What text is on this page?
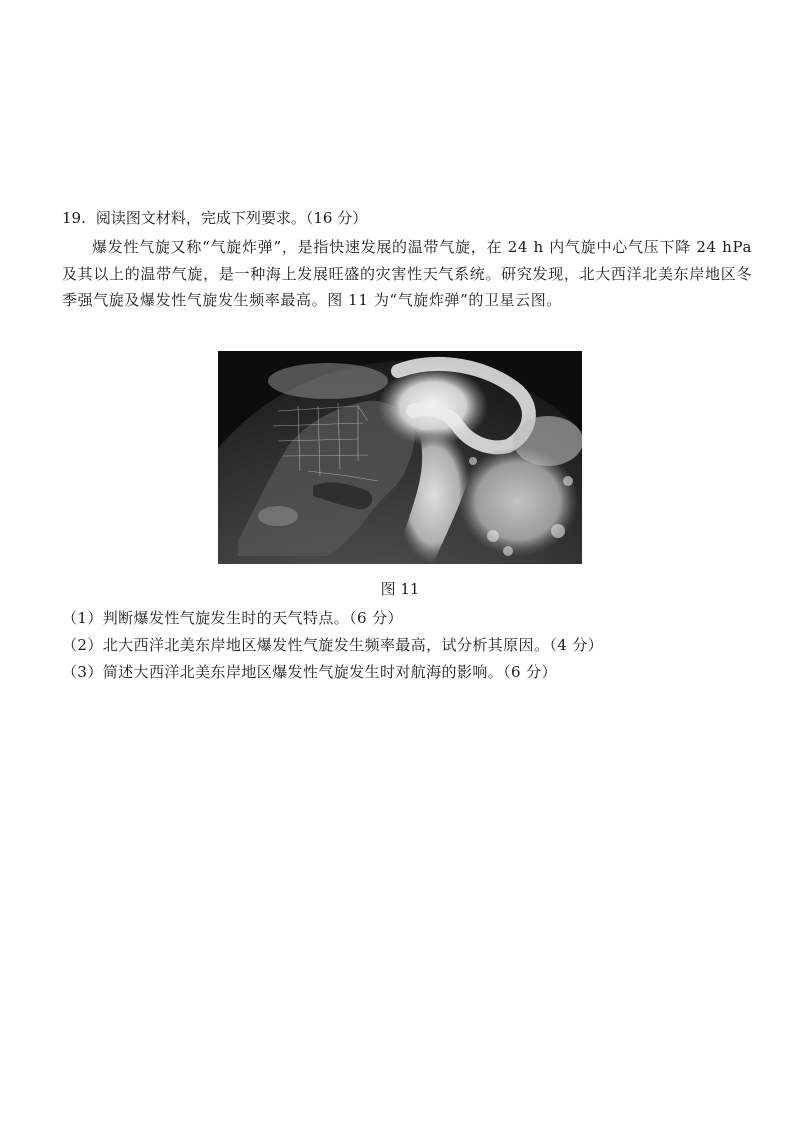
19. 阅读图文材料，完成下列要求。（16 分）
爆发性气旋又称“气旋炸弹”，是指快速发展的温带气旋，在 24 h 内气旋中心气压下降 24 hPa 及其以上的温带气旋，是一种海上发展旺盛的灾害性天气系统。研究发现，北大西洋北美东岸地区冬季强气旋及爆发性气旋发生频率最高。图 11 为“气旋炸弹”的卫星云图。
图 11
（1）判断爆发性气旋发生时的天气特点。（6 分）
（2）北大西洋北美东岸地区爆发性气旋发生频率最高，试分析其原因。（4 分）
（3）简述大西洋北美东岸地区爆发性气旋发生时对航海的影响。（6 分）
